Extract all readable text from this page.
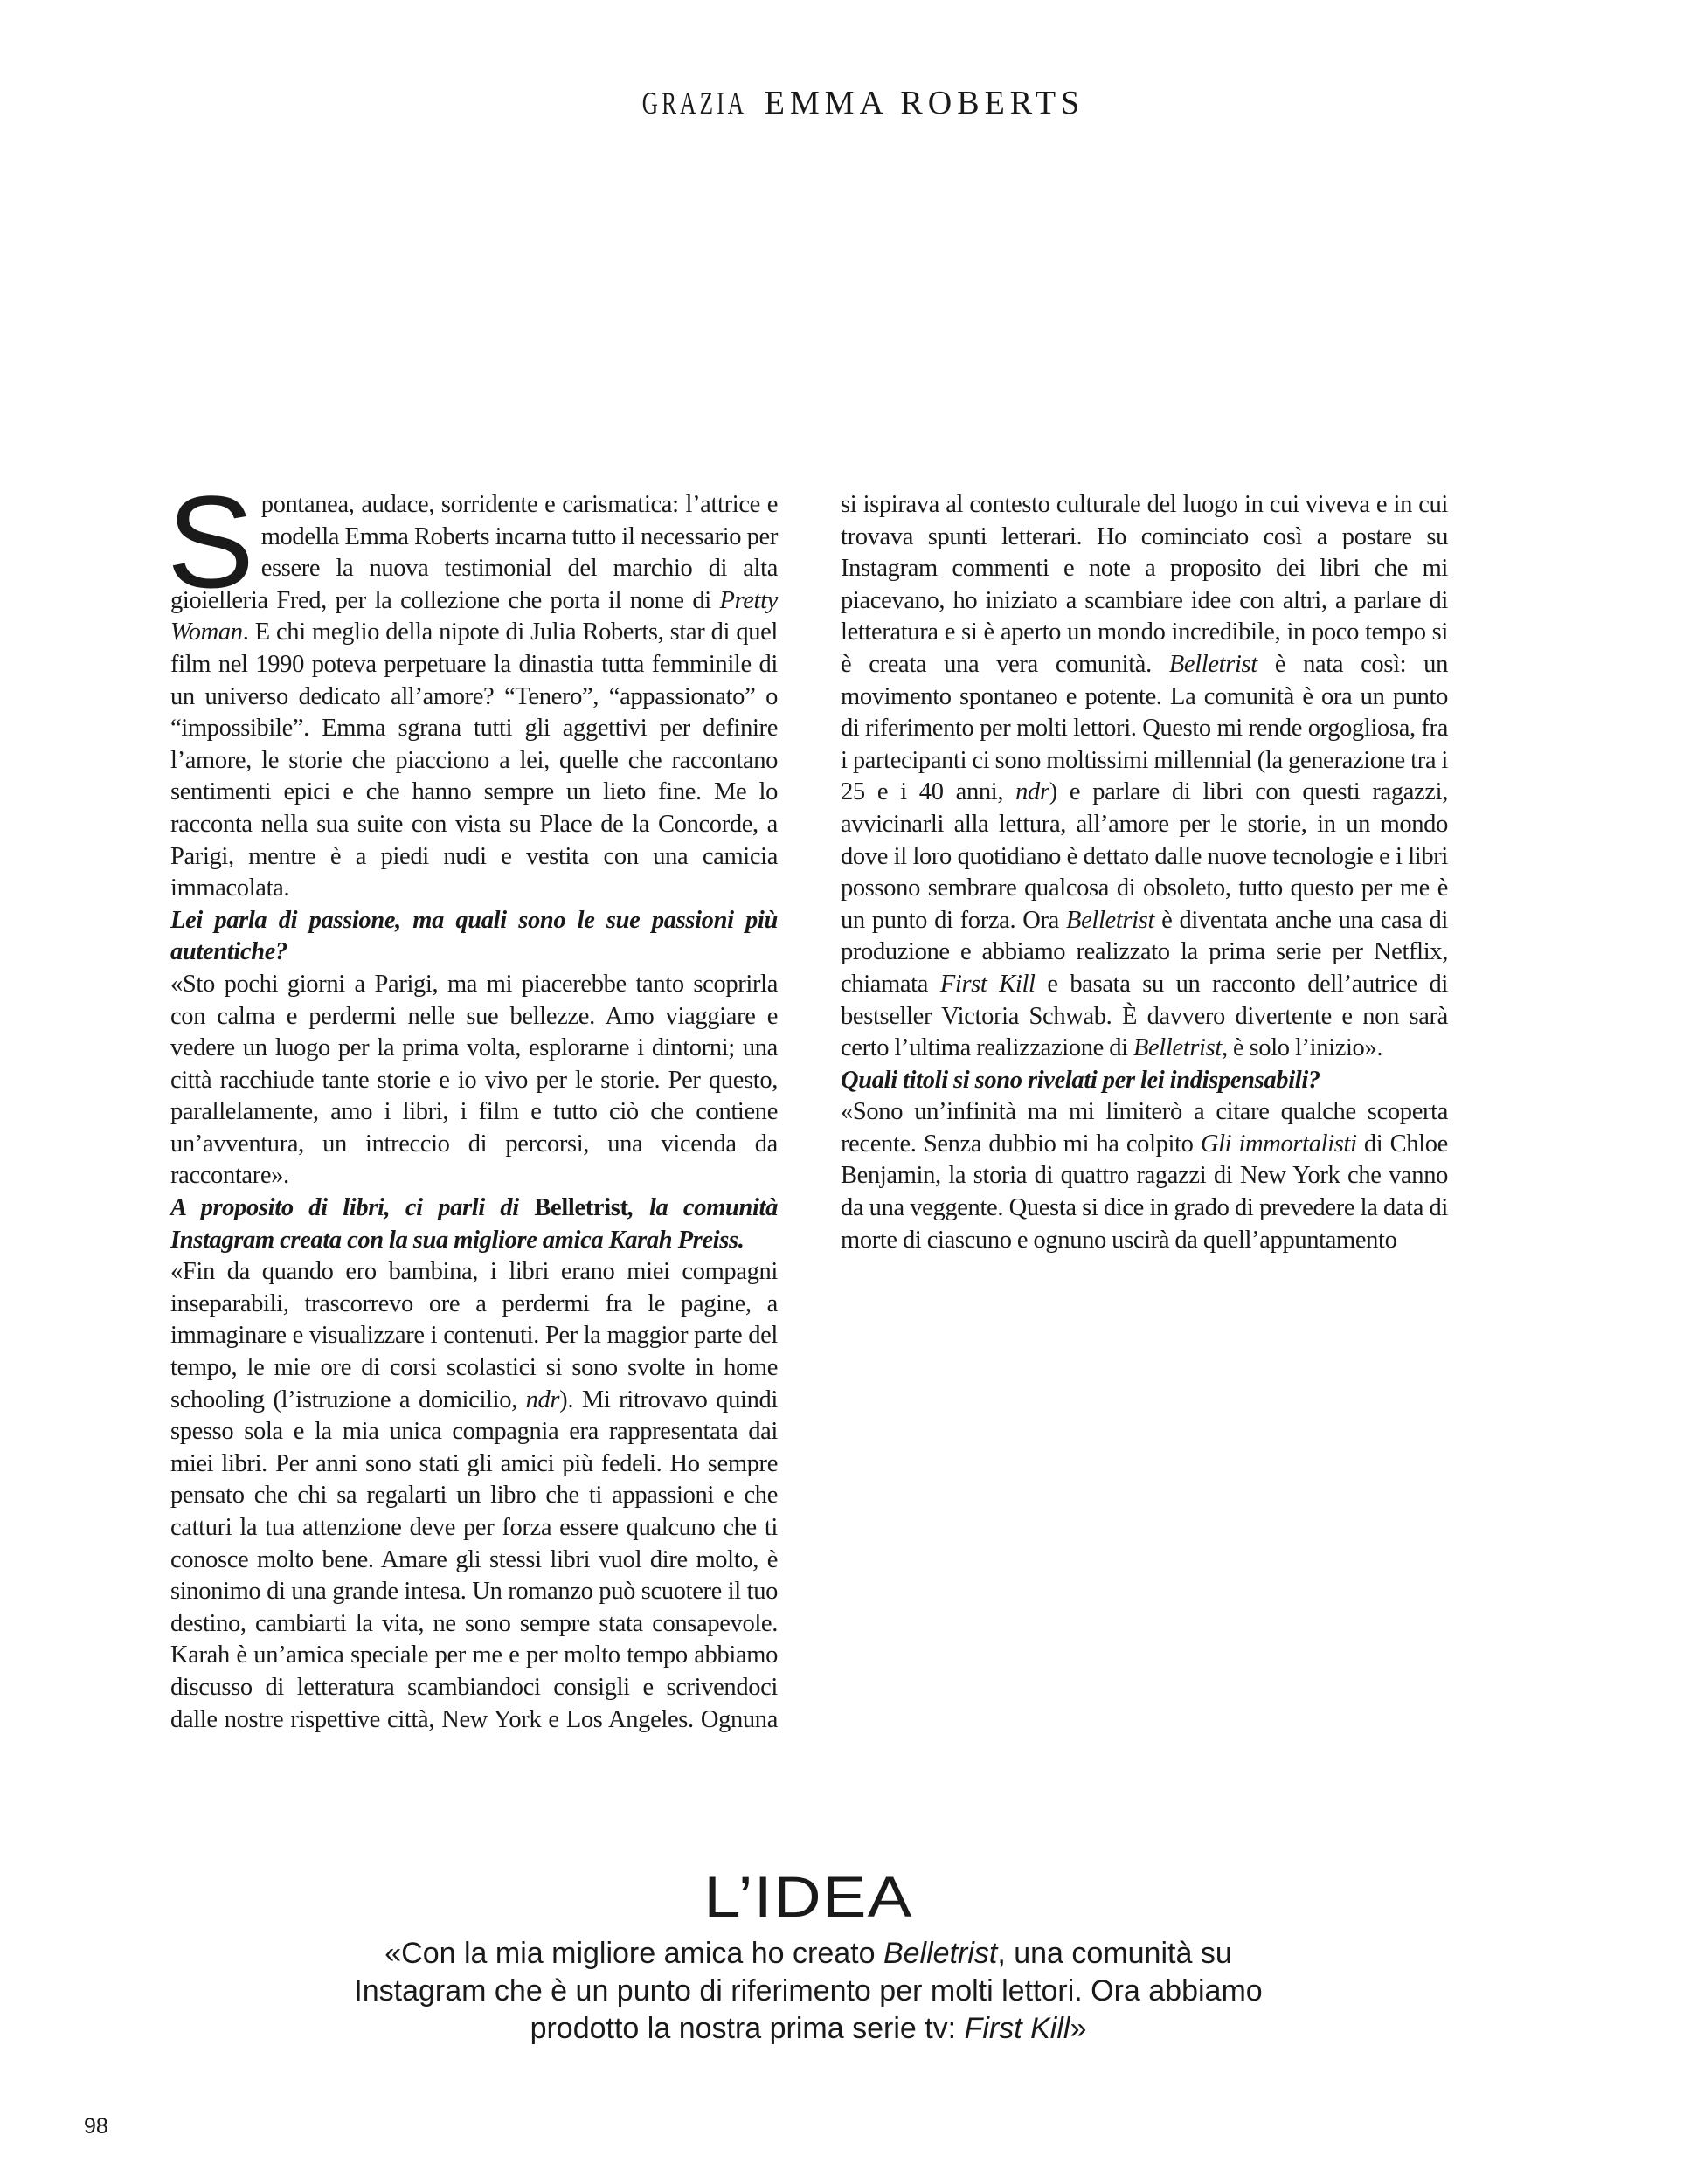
GRAZIA EMMA ROBERTS

Spontanea, audace, sorridente e carismatica: l’attrice e modella Emma Roberts incarna tutto il necessario per essere la nuova testimonial del marchio di alta gioielleria Fred, per la collezione che porta il nome di Pretty Woman. E chi meglio della nipote di Julia Roberts, star di quel film nel 1990 poteva perpetuare la dinastia tutta femminile di un universo dedicato all’amore? “Tenero”, “appassionato” o “impossibile”. Emma sgrana tutti gli aggettivi per definire l’amore, le storie che piacciono a lei, quelle che raccontano sentimenti epici e che hanno sempre un lieto fine. Me lo racconta nella sua suite con vista su Place de la Concorde, a Parigi, mentre è a piedi nudi e vestita con una camicia immacolata.

Lei parla di passione, ma quali sono le sue passioni più autentiche?

«Sto pochi giorni a Parigi, ma mi piacerebbe tanto scoprirla con calma e perdermi nelle sue bellezze. Amo viaggiare e vedere un luogo per la prima volta, esplorarne i dintorni; una città racchiude tante storie e io vivo per le storie. Per questo, parallelamente, amo i libri, i film e tutto ciò che contiene un’avventura, un intreccio di percorsi, una vicenda da raccontare».

A proposito di libri, ci parli di Belletrist, la comunità Instagram creata con la sua migliore amica Karah Preiss.

«Fin da quando ero bambina, i libri erano miei compagni inseparabili, trascorrevo ore a perdermi fra le pagine, a immaginare e visualizzare i contenuti. Per la maggior parte del tempo, le mie ore di corsi scolastici si sono svolte in home schooling (l’istruzione a domicilio, ndr). Mi ritrovavo quindi spesso sola e la mia unica compagnia era rappresentata dai miei libri. Per anni sono stati gli amici più fedeli. Ho sempre pensato che chi sa regalarti un libro che ti appassioni e che catturi la tua attenzione deve per forza essere qualcuno che ti conosce molto bene. Amare gli stessi libri vuol dire molto, è sinonimo di una grande intesa. Un romanzo può scuotere il tuo destino, cambiarti la vita, ne sono sempre stata consapevole. Karah è un’amica speciale per me e per molto tempo abbiamo discusso di letteratura scambiandoci consigli e scrivendoci dalle nostre rispettive città, New York e Los Angeles. Ognuna si ispirava al contesto culturale del luogo in cui viveva e in cui trovava spunti letterari. Ho cominciato così a postare su Instagram commenti e note a proposito dei libri che mi piacevano, ho iniziato a scambiare idee con altri, a parlare di letteratura e si è aperto un mondo incredibile, in poco tempo si è creata una vera comunità. Belletrist è nata così: un movimento spontaneo e potente. La comunità è ora un punto di riferimento per molti lettori. Questo mi rende orgogliosa, fra i partecipanti ci sono moltissimi millennial (la generazione tra i 25 e i 40 anni, ndr) e parlare di libri con questi ragazzi, avvicinarli alla lettura, all’amore per le storie, in un mondo dove il loro quotidiano è dettato dalle nuove tecnologie e i libri possono sembrare qualcosa di obsoleto, tutto questo per me è un punto di forza. Ora Belletrist è diventata anche una casa di produzione e abbiamo realizzato la prima serie per Netflix, chiamata First Kill e basata su un racconto dell’autrice di bestseller Victoria Schwab. È davvero divertente e non sarà certo l’ultima realizzazione di Belletrist, è solo l’inizio».

Quali titoli si sono rivelati per lei indispensabili?

«Sono un’infinità ma mi limiterò a citare qualche scoperta recente. Senza dubbio mi ha colpito Gli immortalisti di Chloe Benjamin, la storia di quattro ragazzi di New York che vanno da una veggente. Questa si dice in grado di prevedere la data di morte di ciascuno e ognuno uscirà da quell’appuntamento

L’IDEA
«Con la mia migliore amica ho creato Belletrist, una comunità su Instagram che è un punto di riferimento per molti lettori. Ora abbiamo prodotto la nostra prima serie tv: First Kill»
98
